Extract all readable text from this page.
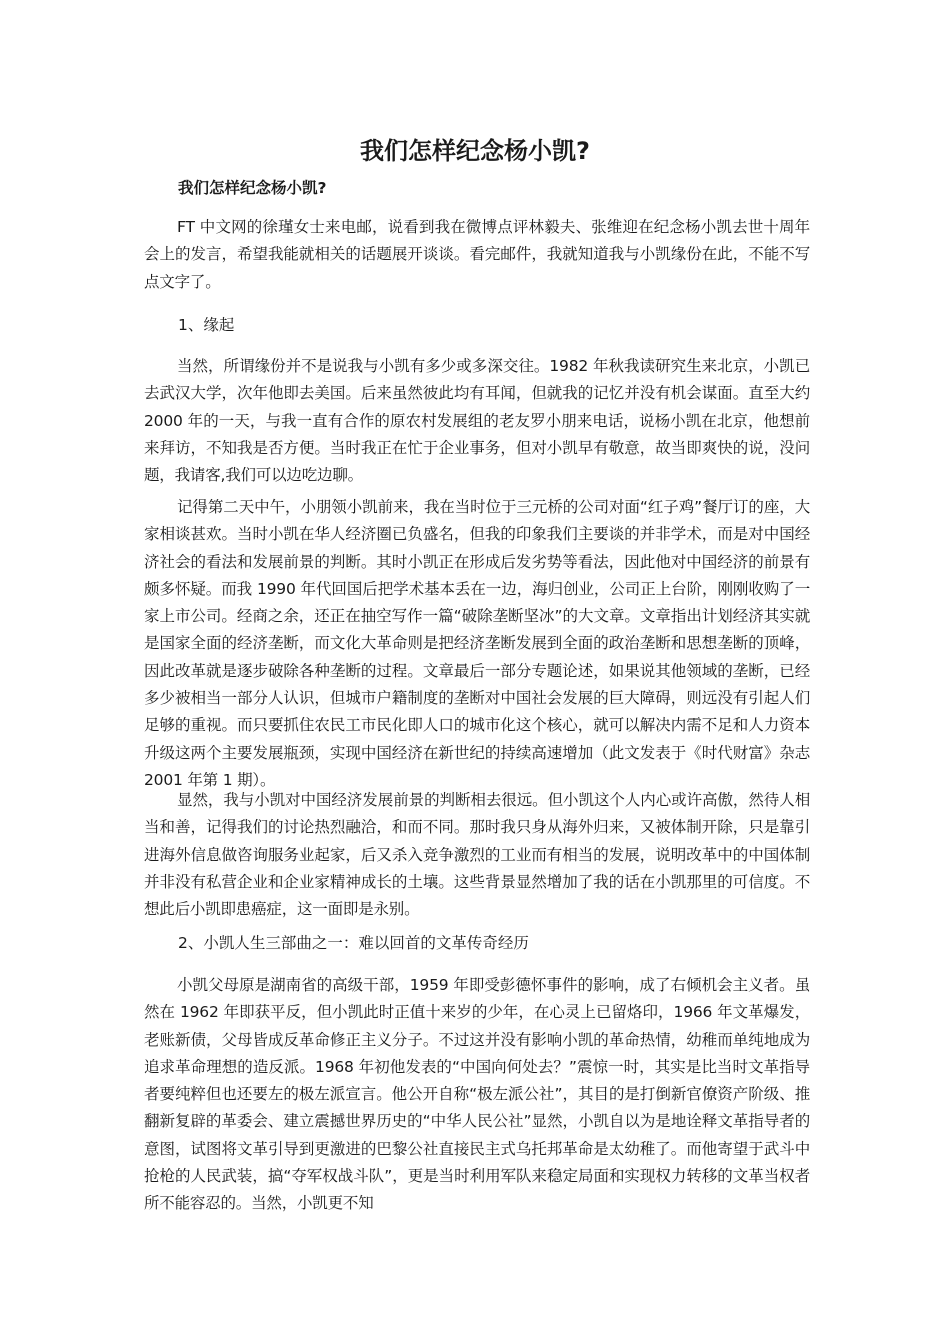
我们怎样纪念杨小凯?
我们怎样纪念杨小凯?

FT 中文网的徐瑾女士来电邮，说看到我在微博点评林毅夫、张维迎在纪念杨小凯去世十周年会上的发言，希望我能就相关的话题展开谈谈。看完邮件，我就知道我与小凯缘份在此，不能不写点文字了。

1、缘起

当然，所谓缘份并不是说我与小凯有多少或多深交往。1982 年秋我读研究生来北京，小凯已去武汉大学，次年他即去美国。后来虽然彼此均有耳闻，但就我的记忆并没有机会谋面。直至大约 2000 年的一天，与我一直有合作的原农村发展组的老友罗小朋来电话，说杨小凯在北京，他想前来拜访，不知我是否方便。当时我正在忙于企业事务，但对小凯早有敬意，故当即爽快的说，没问题，我请客,我们可以边吃边聊。

记得第二天中午，小朋领小凯前来，我在当时位于三元桥的公司对面“红子鸡”餐厅订的座，大家相谈甚欢。当时小凯在华人经济圈已负盛名，但我的印象我们主要谈的并非学术，而是对中国经济社会的看法和发展前景的判断。其时小凯正在形成后发劣势等看法，因此他对中国经济的前景有颇多怀疑。而我 1990 年代回国后把学术基本丢在一边，海归创业，公司正上台阶，刚刚收购了一家上市公司。经商之余，还正在抽空写作一篇“破除垄断坚冰”的大文章。文章指出计划经济其实就是国家全面的经济垄断，而文化大革命则是把经济垄断发展到全面的政治垄断和思想垄断的顶峰，因此改革就是逐步破除各种垄断的过程。文章最后一部分专题论述，如果说其他领域的垄断，已经多少被相当一部分人认识，但城市户籍制度的垄断对中国社会发展的巨大障碍，则远没有引起人们足够的重视。而只要抓住农民工市民化即人口的城市化这个核心，就可以解决内需不足和人力资本升级这两个主要发展瓶颈，实现中国经济在新世纪的持续高速增加（此文发表于《时代财富》杂志 2001 年第 1 期）。

显然，我与小凯对中国经济发展前景的判断相去很远。但小凯这个人内心或许高傲，然待人相当和善，记得我们的讨论热烈融洽，和而不同。那时我只身从海外归来，又被体制开除，只是靠引进海外信息做咨询服务业起家，后又杀入竞争激烈的工业而有相当的发展，说明改革中的中国体制并非没有私营企业和企业家精神成长的土壤。这些背景显然增加了我的话在小凯那里的可信度。不想此后小凯即患癌症，这一面即是永别。

2、小凯人生三部曲之一：难以回首的文革传奇经历

小凯父母原是湖南省的高级干部，1959 年即受彭德怀事件的影响，成了右倾机会主义者。虽然在 1962 年即获平反，但小凯此时正值十来岁的少年，在心灵上已留烙印，1966 年文革爆发，老账新债，父母皆成反革命修正主义分子。不过这并没有影响小凯的革命热情，幼稚而单纯地成为追求革命理想的造反派。1968 年初他发表的“中国向何处去？”震惊一时，其实是比当时文革指导者要纯粹但也还要左的极左派宣言。他公开自称“极左派公社”，其目的是打倒新官僚资产阶级、推翻新复辟的革委会、建立震撼世界历史的“中华人民公社”显然，小凯自以为是地诠释文革指导者的意图，试图将文革引导到更激进的巴黎公社直接民主式乌托邦革命是太幼稚了。而他寄望于武斗中抢枪的人民武装，搞“夺军权战斗队”，更是当时利用军队来稳定局面和实现权力转移的文革当权者所不能容忍的。当然，小凯更不知
